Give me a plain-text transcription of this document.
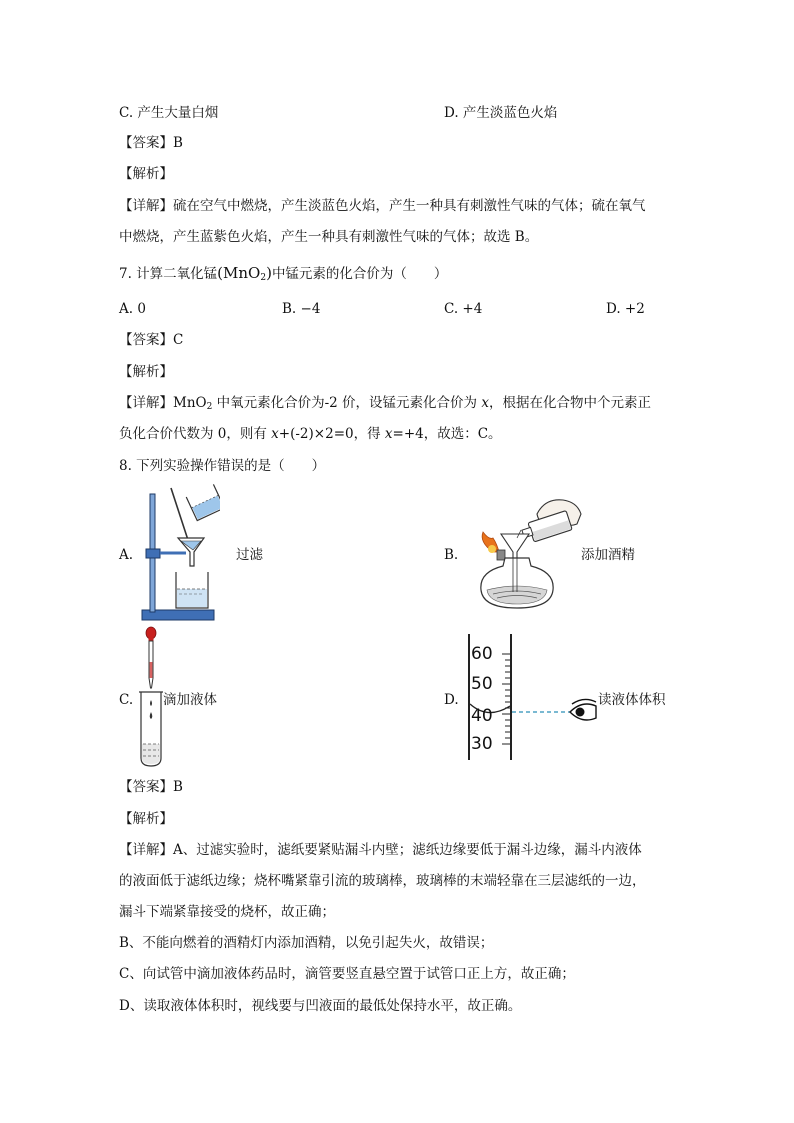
C. 产生大量白烟	D. 产生淡蓝色火焰
【答案】B
【解析】
【详解】硫在空气中燃烧，产生淡蓝色火焰，产生一种具有刺激性气味的气体；硫在氧气
中燃烧，产生蓝紫色火焰，产生一种具有刺激性气味的气体；故选 B。
7. 计算二氧化锰(MnO$_2$)中锰元素的化合价为（　　）
A. 0	B. −4	C. +4	D. +2
【答案】C
【解析】
【详解】MnO$_2$ 中氧元素化合价为-2 价，设锰元素化合价为 x，根据在化合物中个元素正
负化合价代数为 0，则有 x+(-2)×2=0，得 x=+4，故选：C。
8. 下列实验操作错误的是（　　）
A.	过滤	B.	添加酒精
C. 滴加液体	D.	读液体体积
60
50
40
30
【答案】B
【解析】
【详解】A、过滤实验时，滤纸要紧贴漏斗内壁；滤纸边缘要低于漏斗边缘，漏斗内液体
的液面低于滤纸边缘；烧杯嘴紧靠引流的玻璃棒，玻璃棒的末端轻靠在三层滤纸的一边，
漏斗下端紧靠接受的烧杯，故正确；
B、不能向燃着的酒精灯内添加酒精，以免引起失火，故错误；
C、向试管中滴加液体药品时，滴管要竖直悬空置于试管口正上方，故正确；
D、读取液体体积时，视线要与凹液面的最低处保持水平，故正确。
